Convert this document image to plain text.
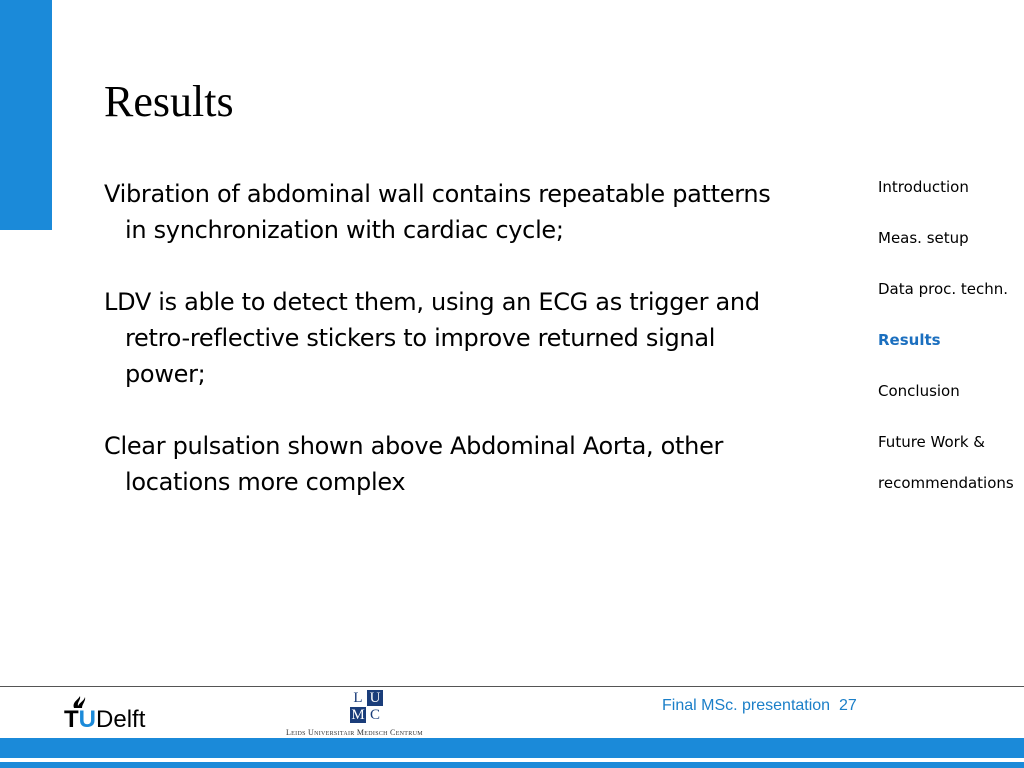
Results

Vibration of abdominal wall contains repeatable patterns in synchronization with cardiac cycle;

LDV is able to detect them, using an ECG as trigger and retro-reflective stickers to improve returned signal power;

Clear pulsation shown above Abdominal Aorta, other locations more complex

Introduction
Meas. setup
Data proc. techn.
Results
Conclusion
Future Work &
recommendations
Final MSc. presentation 27
TUDelft
L U
M C
Leids Universitair Medisch Centrum
